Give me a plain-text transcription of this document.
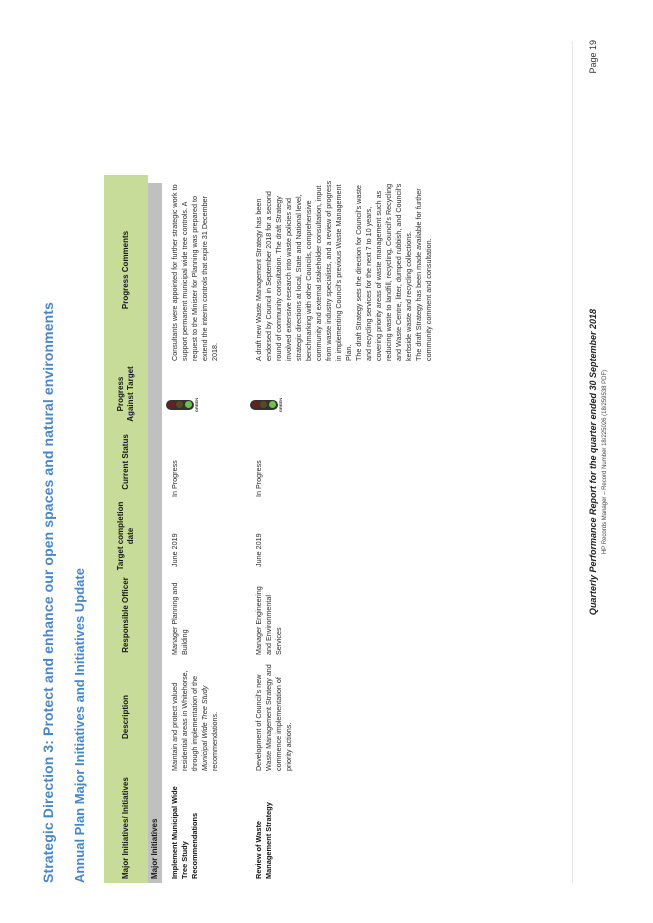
Strategic Direction 3: Protect and enhance our open spaces and natural environments Annual Plan Major Initiatives and Initiatives Update	Major Initiatives/ Initiatives
Description
Responsible Officer
Target completion date
Current Status
Progress Against Target
Progress Comments
Major Initiatives	Implement Municipal Wide Tree Study Recommendations
Maintain and protect valued residential areas in Whitehorse, through implementation of the Municipal Wide Tree Study recommendations.
Manager Planning and Building
June 2019
In Progress
GREEN
Consultants were appointed for further strategic work to support permanent municipal wide tree controls. A request to the Minister for Planning was prepared to extend the interim controls that expire 31 December 2018.
Review of Waste Management Strategy
Development of Council's new Waste Management Strategy and commence implementation of priority actions.
Manager Engineering and Environmental Services
June 2019
In Progress
GREEN
A draft new Waste Management Strategy has been endorsed by Council in September 2018 for a second round of community consultation. The draft Strategy involved extensive research into waste policies and strategic directions at local, State and National level, benchmarking with other Councils, comprehensive community and external stakeholder consultation, input from waste industry specialists, and a review of progress in implementing Council's previous Waste Management Plan. The draft Strategy sets the direction for Council's waste and recycling services for the next 7 to 10 years, covering priority areas of waste management such as reducing waste to landfill, recycling, Council's Recycling and Waste Centre, litter, dumped rubbish, and Council's kerbside waste and recycling collections. The draft Strategy has been made available for further community comment and consultation.
Quarterly Performance Report for the quarter ended 30 September 2018 HP Records Manager – Record Number 18/225026 (18/259538 PDF)
Page 19
